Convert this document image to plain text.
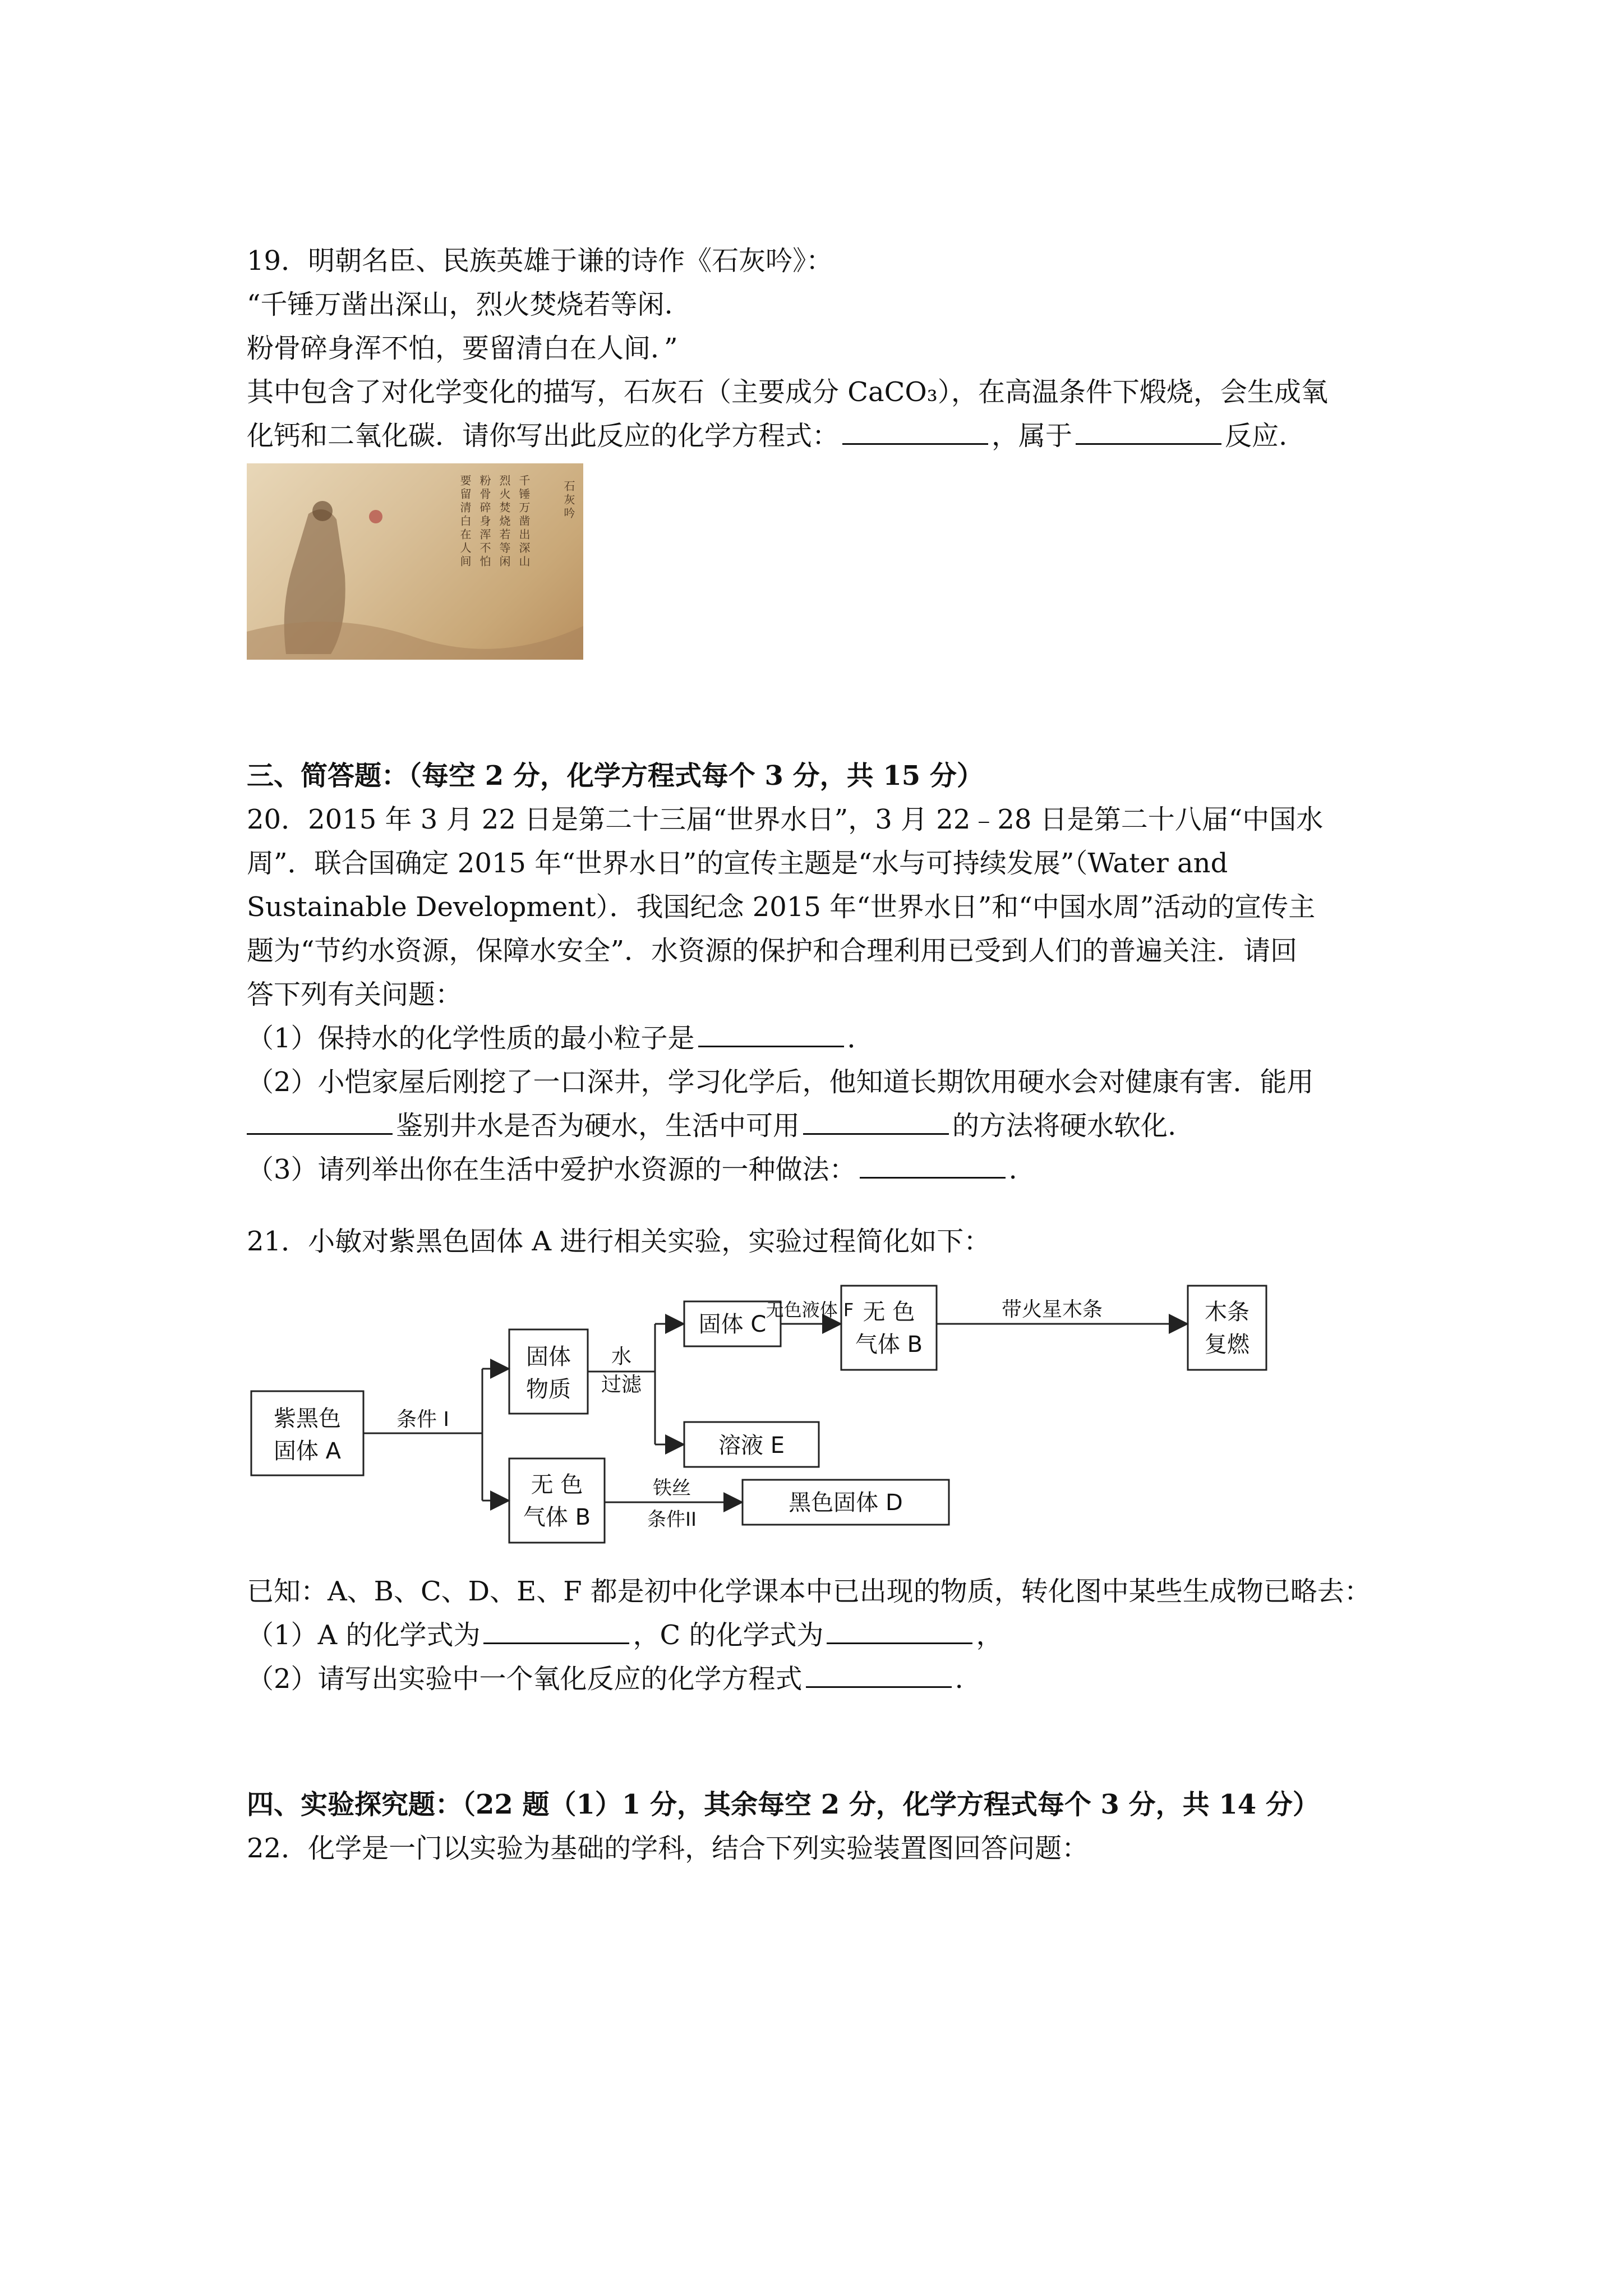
19．明朝名臣、民族英雄于谦的诗作《石灰吟》：
“千锤万凿出深山，烈火焚烧若等闲.
粉骨碎身浑不怕，要留清白在人间．”
其中包含了对化学变化的描写，石灰石（主要成分 CaCO₃），在高温条件下煅烧，会生成氧
化钙和二氧化碳．请你写出此反应的化学方程式：	，属于	反应.
石灰吟
千锤万凿出深山
烈火焚烧若等闲
粉骨碎身浑不怕
要留清白在人间
三、简答题：（每空 2 分，化学方程式每个 3 分，共 15 分）
20．2015 年 3 月 22 日是第二十三届“世界水日”，3 月 22﹣28 日是第二十八届“中国水
周”．联合国确定 2015 年“世界水日”的宣传主题是“水与可持续发展”（Water and
Sustainable Development）．我国纪念 2015 年“世界水日”和“中国水周”活动的宣传主
题为“节约水资源，保障水安全”．水资源的保护和合理利用已受到人们的普遍关注．请回
答下列有关问题：
（1）保持水的化学性质的最小粒子是	．
（2）小恺家屋后刚挖了一口深井，学习化学后，他知道长期饮用硬水会对健康有害．能用
鉴别井水是否为硬水，生活中可用	的方法将硬水软化.
（3）请列举出你在生活中爱护水资源的一种做法：	.
21．小敏对紫黑色固体 A 进行相关实验，实验过程简化如下：
紫黑色
固体 A
条件 I
固体
物质
水
过滤
固体 C
无色液体 F 无 色
气体 B
溶液 E
无 色
气体 B
铁丝
条件II
黑色固体 D
带火星木条	木条
复燃
已知：A、B、C、D、E、F 都是初中化学课本中已出现的物质，转化图中某些生成物已略去：
（1）A 的化学式为	，C 的化学式为	，
（2）请写出实验中一个氧化反应的化学方程式	.
四、实验探究题：（22 题（1）1 分，其余每空 2 分，化学方程式每个 3 分，共 14 分）
22．化学是一门以实验为基础的学科，结合下列实验装置图回答问题：
